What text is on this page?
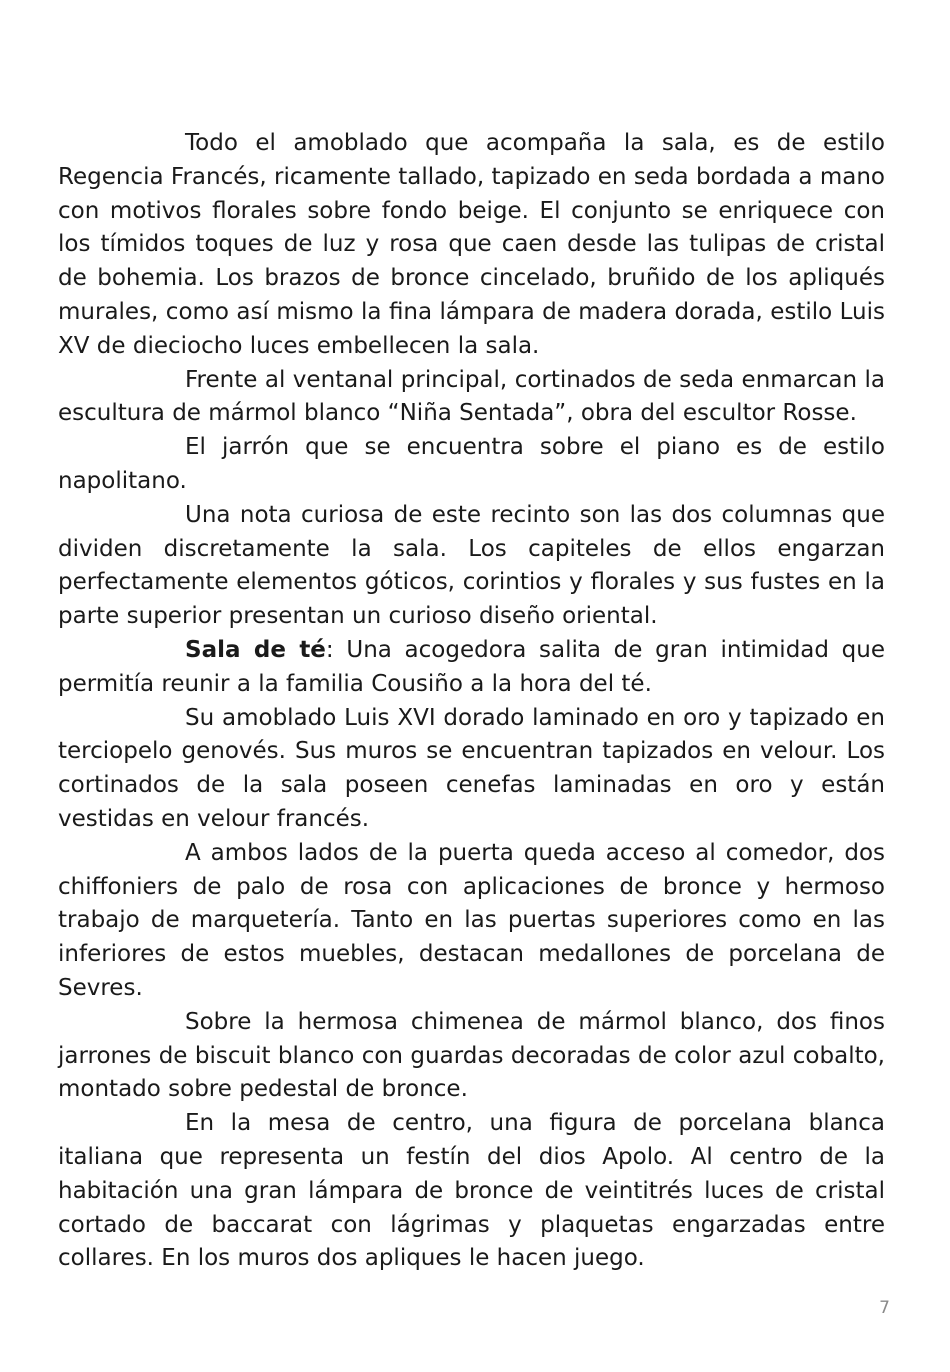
Todo el amoblado que acompaña la sala, es de estilo Regencia Francés, ricamente tallado, tapizado en seda bordada a mano con motivos florales sobre fondo beige. El conjunto se enriquece con los tímidos toques de luz y rosa que caen desde las tulipas de cristal de bohemia. Los brazos de bronce cincelado, bruñido de los apliqués murales, como así mismo la fina lámpara de madera dorada, estilo Luis XV de dieciocho luces embellecen la sala.

Frente al ventanal principal, cortinados de seda enmarcan la escultura de mármol blanco “Niña Sentada”, obra del escultor Rosse.

El jarrón que se encuentra sobre el piano es de estilo napolitano.

Una nota curiosa de este recinto son las dos columnas que dividen discretamente la sala. Los capiteles de ellos engarzan perfectamente elementos góticos, corintios y florales y sus fustes en la parte superior presentan un curioso diseño oriental.

Sala de té: Una acogedora salita de gran intimidad que permitía reunir a la familia Cousiño a la hora del té.

Su amoblado Luis XVI dorado laminado en oro y tapizado en terciopelo genovés. Sus muros se encuentran tapizados en velour. Los cortinados de la sala poseen cenefas laminadas en oro y están vestidas en velour francés.

A ambos lados de la puerta queda acceso al comedor, dos chiffoniers de palo de rosa con aplicaciones de bronce y hermoso trabajo de marquetería. Tanto en las puertas superiores como en las inferiores de estos muebles, destacan medallones de porcelana de Sevres.

Sobre la hermosa chimenea de mármol blanco, dos finos jarrones de biscuit blanco con guardas decoradas de color azul cobalto, montado sobre pedestal de bronce.

En la mesa de centro, una figura de porcelana blanca italiana que representa un festín del dios Apolo. Al centro de la habitación una gran lámpara de bronce de veintitrés luces de cristal cortado de baccarat con lágrimas y plaquetas engarzadas entre collares. En los muros dos apliques le hacen juego.

7
